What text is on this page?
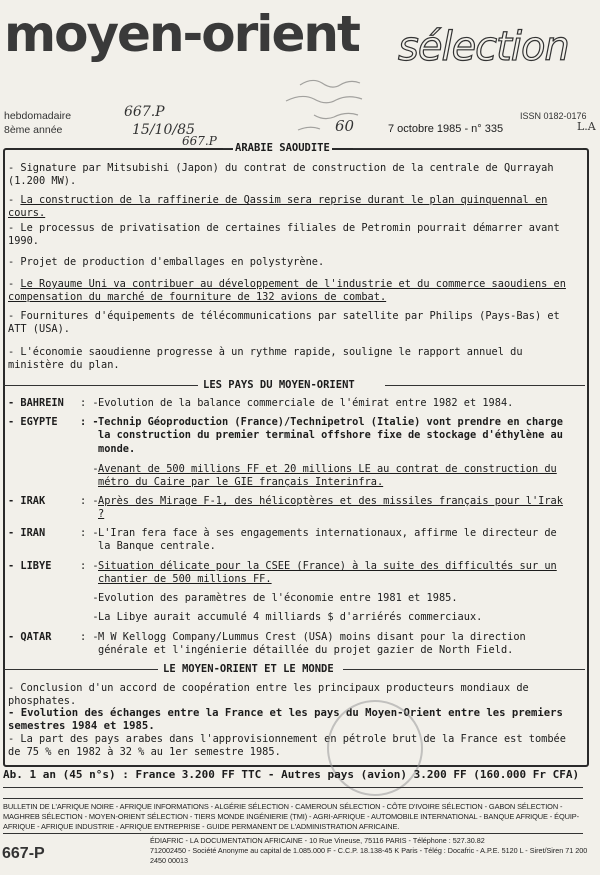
moyen-orient sélection
hebdomadaire
8ème année
667.P
15/10/85
667.P
ISSN 0182-0176
60	7 octobre 1985 - n° 335	L.A
ARABIE SAOUDITE
- Signature par Mitsubishi (Japon) du contrat de construction de la centrale de Qurrayah (1.200 MW).
- La construction de la raffinerie de Qassim sera reprise durant le plan quinquennal en cours.
- Le processus de privatisation de certaines filiales de Petromin pourrait démarrer avant 1990.
- Projet de production d'emballages en polystyrène.
- Le Royaume Uni va contribuer au développement de l'industrie et du commerce saoudiens en compensation du marché de fourniture de 132 avions de combat.
- Fournitures d'équipements de télécommunications par satellite par Philips (Pays-Bas) et ATT (USA).
- L'économie saoudienne progresse à un rythme rapide, souligne le rapport annuel du ministère du plan.
LES PAYS DU MOYEN-ORIENT
- BAHREIN : - Evolution de la balance commerciale de l'émirat entre 1982 et 1984.
- EGYPTE : - Technip Géoproduction (France)/Technipetrol (Italie) vont prendre en charge la construction du premier terminal offshore fixe de stockage d'éthylène au monde.
- Avenant de 500 millions FF et 20 millions LE au contrat de construction du métro du Caire par le GIE français Interinfra.
- IRAK	: - Après des Mirage F-1, des hélicoptères et des missiles français pour l'Irak ?
- IRAN	: - L'Iran fera face à ses engagements internationaux, affirme le directeur de la Banque centrale.
- LIBYE	: - Situation délicate pour la CSEE (France) à la suite des difficultés sur un chantier de 500 millions FF.
- Evolution des paramètres de l'économie entre 1981 et 1985.
- La Libye aurait accumulé 4 milliards $ d'arriérés commerciaux.
- QATAR	: - M W Kellogg Company/Lummus Crest (USA) moins disant pour la direction générale et l'ingénierie détaillée du projet gazier de North Field.
LE MOYEN-ORIENT ET LE MONDE
- Conclusion d'un accord de coopération entre les principaux producteurs mondiaux de phosphates.
- Evolution des échanges entre la France et les pays du Moyen-Orient entre les premiers semestres 1984 et 1985.
- La part des pays arabes dans l'approvisionnement en pétrole brut de la France est tombée de 75 % en 1982 à 32 % au 1er semestre 1985.
Ab. 1 an (45 n°s) : France 3.200 FF TTC - Autres pays (avion) 3.200 FF (160.000 Fr CFA)
BULLETIN DE L'AFRIQUE NOIRE - AFRIQUE INFORMATIONS - ALGÉRIE SÉLECTION - CAMEROUN SÉLECTION - CÔTE D'IVOIRE SÉLECTION - GABON SÉLECTION - MAGHREB SÉLECTION - MOYEN-ORIENT SÉLECTION - TIERS MONDE INGÉNIERIE (TMI) - AGRI-AFRIQUE - AUTOMOBILE INTERNATIONAL - BANQUE AFRIQUE - ÉQUIP-AFRIQUE - AFRIQUE INDUSTRIE - AFRIQUE ENTREPRISE - GUIDE PERMANENT DE L'ADMINISTRATION AFRICAINE.
667-P
ÉDIAFRIC - LA DOCUMENTATION AFRICAINE - 10 Rue Vineuse, 75116 PARIS - Téléphone : 527.30.82
712002450 - Société Anonyme au capital de 1.085.000 F - C.C.P. 18.138-45 K Paris - Télég : Docafric - A.P.E. 5120 L - Siret/Siren 71 200 2450 00013
